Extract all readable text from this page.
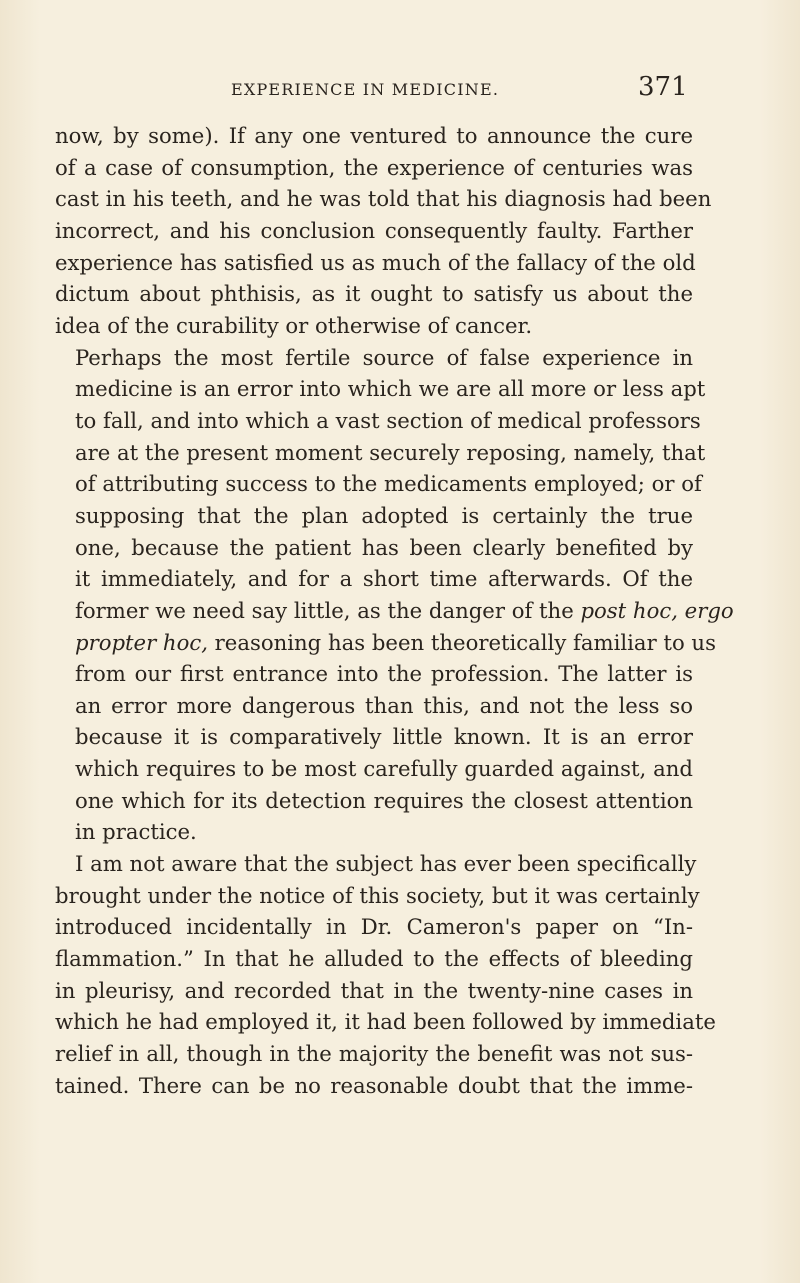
EXPERIENCE IN MEDICINE.	371

now, by some). If any one ventured to announce the cure
of a case of consumption, the experience of centuries was
cast in his teeth, and he was told that his diagnosis had been
incorrect, and his conclusion consequently faulty. Farther
experience has satisfied us as much of the fallacy of the old
dictum about phthisis, as it ought to satisfy us about the
idea of the curability or otherwise of cancer.

Perhaps the most fertile source of false experience in
medicine is an error into which we are all more or less apt
to fall, and into which a vast section of medical professors
are at the present moment securely reposing, namely, that
of attributing success to the medicaments employed; or of
supposing that the plan adopted is certainly the true
one, because the patient has been clearly benefited by
it immediately, and for a short time afterwards. Of the
former we need say little, as the danger of the post hoc, ergo
propter hoc, reasoning has been theoretically familiar to us
from our first entrance into the profession. The latter is
an error more dangerous than this, and not the less so
because it is comparatively little known. It is an error
which requires to be most carefully guarded against, and
one which for its detection requires the closest attention
in practice.

I am not aware that the subject has ever been specifically
brought under the notice of this society, but it was certainly
introduced incidentally in Dr. Cameron's paper on “In-
flammation.” In that he alluded to the effects of bleeding
in pleurisy, and recorded that in the twenty-nine cases in
which he had employed it, it had been followed by immediate
relief in all, though in the majority the benefit was not sus-
tained. There can be no reasonable doubt that the imme-
